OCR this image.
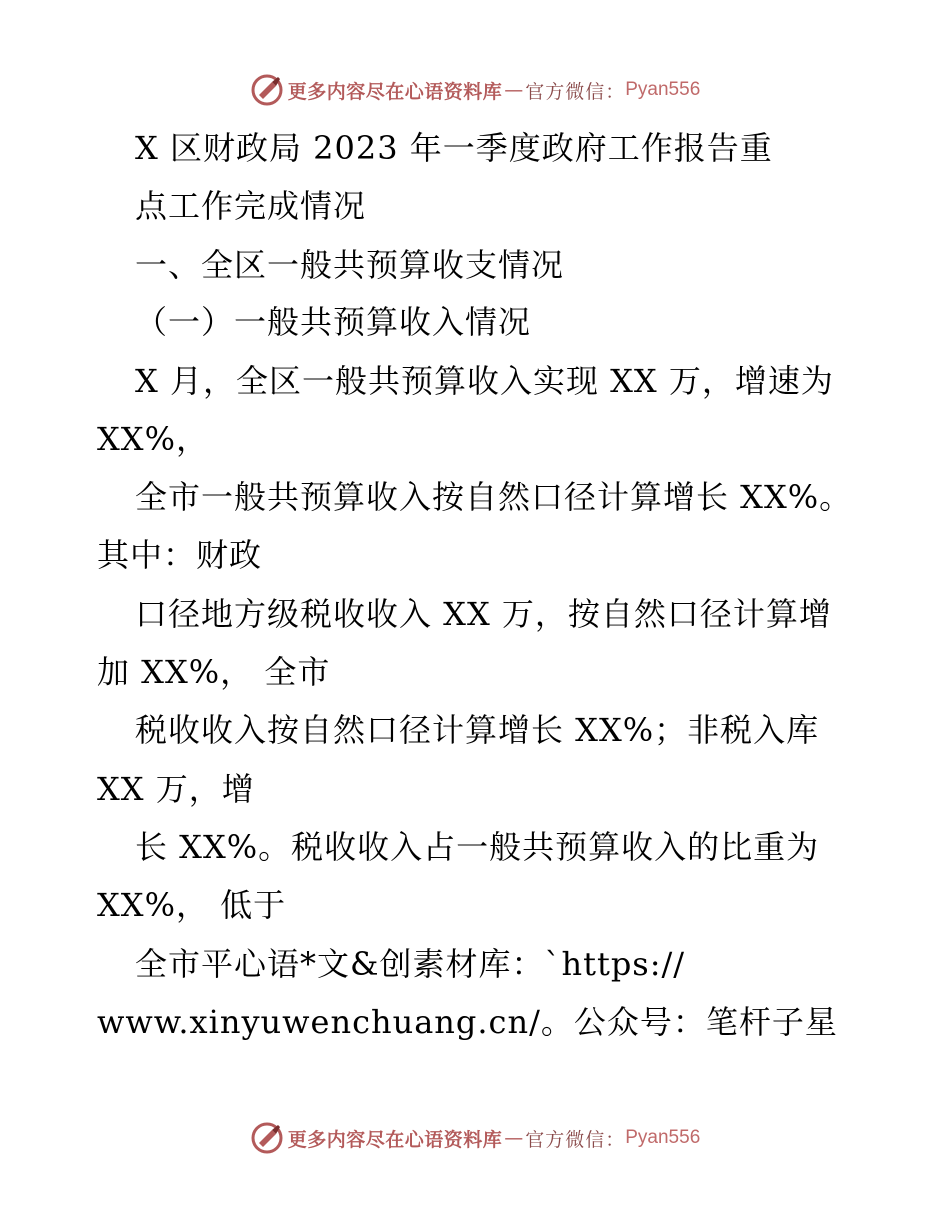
更多内容尽在心语资料库 — 官方微信： Pyan556
X 区财政局 2023 年一季度政府工作报告重
点工作完成情况
一、全区一般共预算收支情况
（一）一般共预算收入情况
X 月，全区一般共预算收入实现 XX 万，增速为
XX%，
全市一般共预算收入按自然口径计算增长 XX%。
其中：财政
口径地方级税收收入 XX 万，按自然口径计算增
加 XX%， 全市
税收收入按自然口径计算增长 XX%；非税入库
XX 万，增
长 XX%。税收收入占一般共预算收入的比重为
XX%， 低于
全市平心语*文&创素材库：`https://
www.xinyuwenchuang.cn/。公众号：笔杆子星
更多内容尽在心语资料库 — 官方微信： Pyan556
